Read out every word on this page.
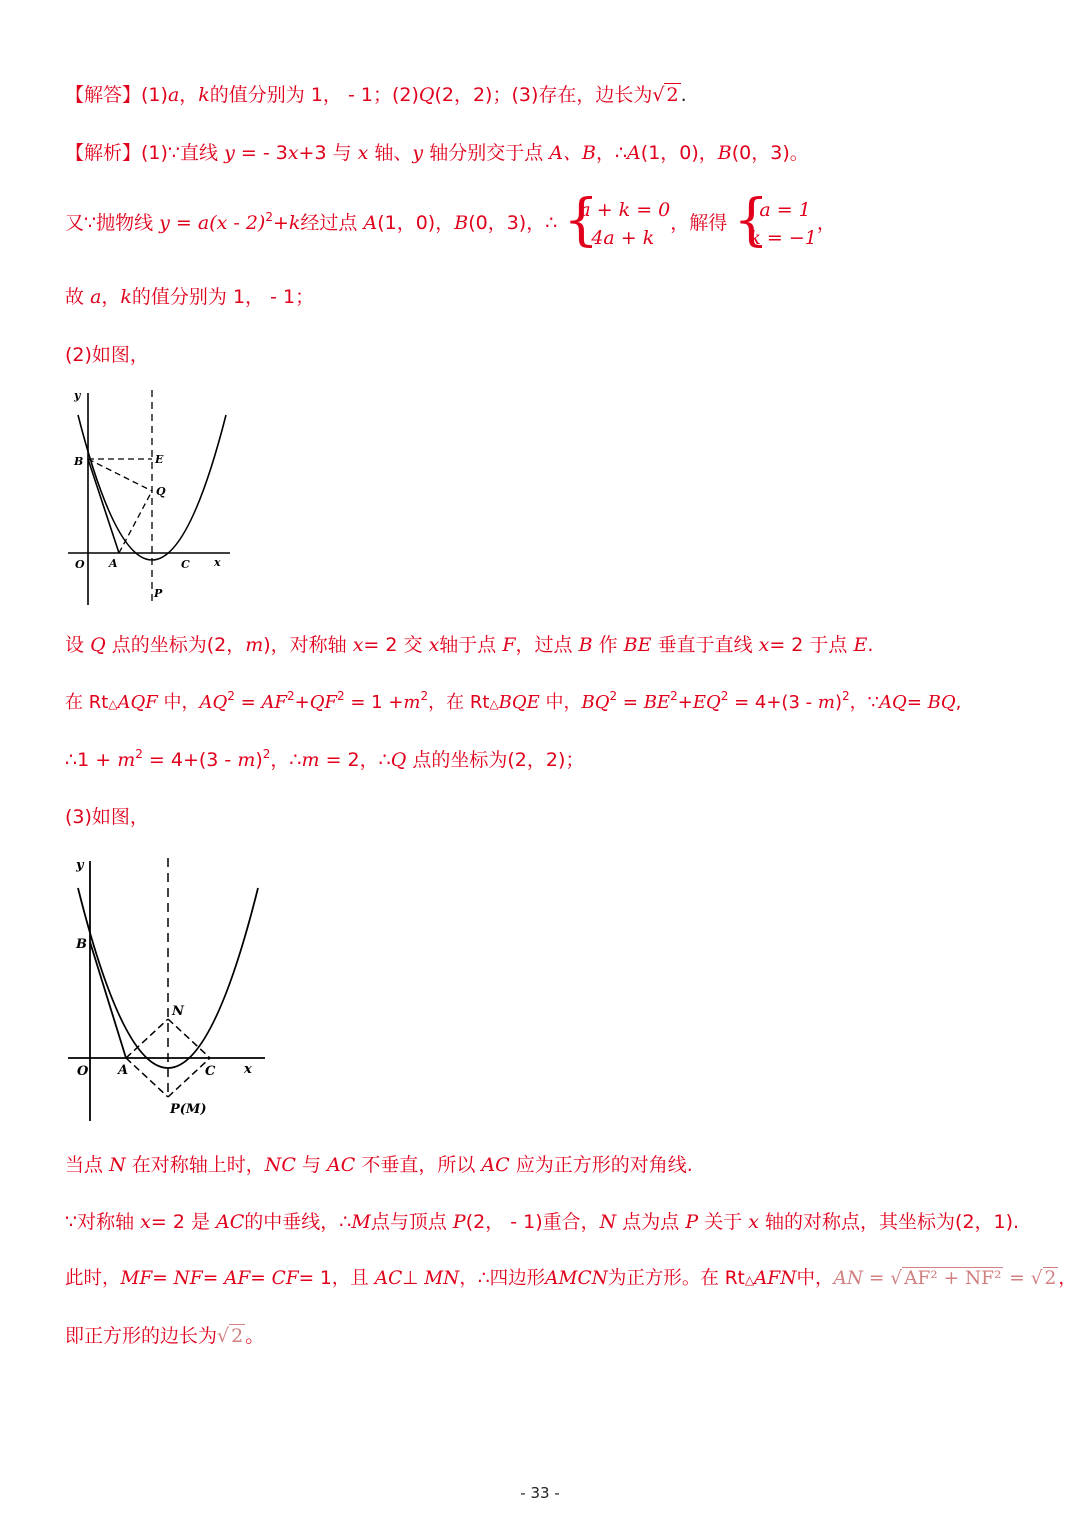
【解答】(1)a，k的值分别为 1， - 1；(2)Q(2，2)；(3)存在，边长为√ 2 .
【解析】(1)∵直线 y = - 3x+3 与 x 轴、y 轴分别交于点 A、B，∴A(1，0)，B(0，3)。
又∵抛物线 y = a(x - 2)$^2$+k经过点 A(1，0)，B(0，3)，∴ {
a + k = 0
4a + k
，解得 {
a = 1
k = −1
，
故 a，k的值分别为 1， - 1；
(2)如图，
y
x
O A
B
C
E
Q
P
设 Q 点的坐标为(2，m)，对称轴 x= 2 交 x轴于点 F，过点 B 作 BE 垂直于直线 x= 2 于点 E.
在 Rt△AQF 中，$AQ^2 = AF^2+QF^2 = 1 +m^2$，在 Rt△BQE 中，$BQ^2 = BE^2+EQ^2 = 4+(3 - m)^2$，∵AQ= BQ,
∴1 + $m^2 = 4+(3 - m)^2$，∴m = 2，∴Q 点的坐标为(2，2)；
(3)如图，
y
x
O A
B
C
N
P(M)
当点 N 在对称轴上时，NC 与 AC 不垂直，所以 AC 应为正方形的对角线.
∵对称轴 x= 2 是 AC的中垂线，∴M点与顶点 P(2， - 1)重合，N 点为点 P 关于 x 轴的对称点，其坐标为(2，1).
此时，MF= NF= AF= CF= 1，且 AC⊥ MN，∴四边形AMCN为正方形。在 Rt△AFN中，AN = √ AF² + NF² = √ 2 ，
即正方形的边长为√ 2 。
- 33 -
